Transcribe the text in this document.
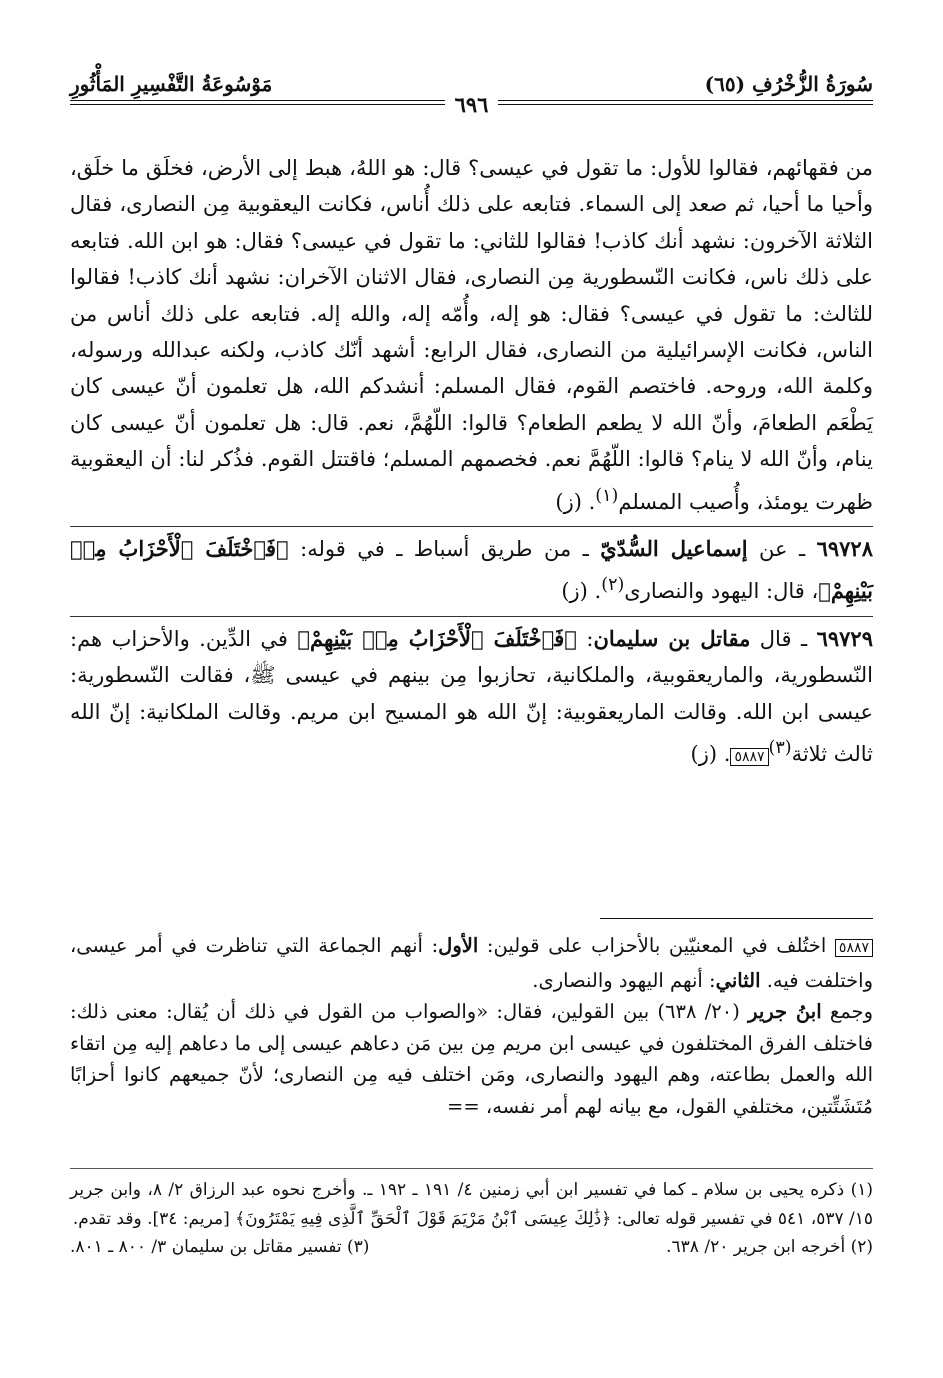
سُورَةُ الزُّخْرُفِ (٦٥)
مَوْسُوعَةُ التَّفْسِيرِ المَأْثُورِ
٦٩٦

من فقهائهم، فقالوا للأول: ما تقول في عيسى؟ قال: هو اللهُ، هبط إلى الأرض، فخلَق ما خلَق، وأحيا ما أحيا، ثم صعد إلى السماء. فتابعه على ذلك أُناس، فكانت اليعقوبية مِن النصارى، فقال الثلاثة الآخرون: نشهد أنك كاذب! فقالوا للثاني: ما تقول في عيسى؟ فقال: هو ابن الله. فتابعه على ذلك ناس، فكانت النّسطورية مِن النصارى، فقال الاثنان الآخران: نشهد أنك كاذب! فقالوا للثالث: ما تقول في عيسى؟ فقال: هو إله، وأُمّه إله، والله إله. فتابعه على ذلك أناس من الناس، فكانت الإسرائيلية من النصارى، فقال الرابع: أشهد أنّك كاذب، ولكنه عبدالله ورسوله، وكلمة الله، وروحه. فاختصم القوم، فقال المسلم: أنشدكم الله، هل تعلمون أنّ عيسى كان يَطْعَم الطعامَ، وأنّ الله لا يطعم الطعام؟ قالوا: اللّهُمَّ، نعم. قال: هل تعلمون أنّ عيسى كان ينام، وأنّ الله لا ينام؟ قالوا: اللّهُمَّ نعم. فخصمهم المسلم؛ فاقتتل القوم. فذُكر لنا: أن اليعقوبية ظهرت يومئذ، وأُصيب المسلم$^{(١)}$. (ز)

٦٩٧٢٨ ـ عن إسماعيل السُّدّيّ ـ من طريق أسباط ـ في قوله: ﴿فَٱخْتَلَفَ ٱلْأَحْزَابُ مِنۢ بَيْنِهِمْ﴾، قال: اليهود والنصارى$^{(٢)}$. (ز)

٦٩٧٢٩ ـ قال مقاتل بن سليمان: ﴿فَٱخْتَلَفَ ٱلْأَحْزَابُ مِنۢ بَيْنِهِمْ﴾ في الدِّين. والأحزاب هم: النّسطورية، والماريعقوبية، والملكانية، تحازبوا مِن بينهم في عيسى ﷺ، فقالت النّسطورية: عيسى ابن الله. وقالت الماريعقوبية: إنّ الله هو المسيح ابن مريم. وقالت الملكانية: إنّ الله ثالث ثلاثة$^{(٣)}$٥٨٨٧. (ز)

٥٨٨٧ اختُلف في المعنيّين بالأحزاب على قولين: الأول: أنهم الجماعة التي تناظرت في أمر عيسى، واختلفت فيه. الثاني: أنهم اليهود والنصارى.

وجمع ابنُ جرير (٢٠/ ٦٣٨) بين القولين، فقال: «والصواب من القول في ذلك أن يُقال: معنى ذلك: فاختلف الفرق المختلفون في عيسى ابن مريم مِن بين مَن دعاهم عيسى إلى ما دعاهم إليه مِن اتقاء الله والعمل بطاعته، وهم اليهود والنصارى، ومَن اختلف فيه مِن النصارى؛ لأنّ جميعهم كانوا أحزابًا مُتَشَتِّتين، مختلفي القول، مع بيانه لهم أمر نفسه، ==

(١) ذكره يحيى بن سلام ـ كما في تفسير ابن أبي زمنين ٤/ ١٩١ ـ ١٩٢ ـ. وأخرج نحوه عبد الرزاق ٢/ ٨، وابن جرير ١٥/ ٥٣٧، ٥٤١ في تفسير قوله تعالى: ﴿ذَٰلِكَ عِيسَى ٱبْنُ مَرْيَمَ قَوْلَ ٱلْحَقِّ ٱلَّذِى فِيهِ يَمْتَرُونَ﴾ [مريم: ٣٤]. وقد تقدم.

(٢) أخرجه ابن جرير ٢٠/ ٦٣٨.
(٣) تفسير مقاتل بن سليمان ٣/ ٨٠٠ ـ ٨٠١.
